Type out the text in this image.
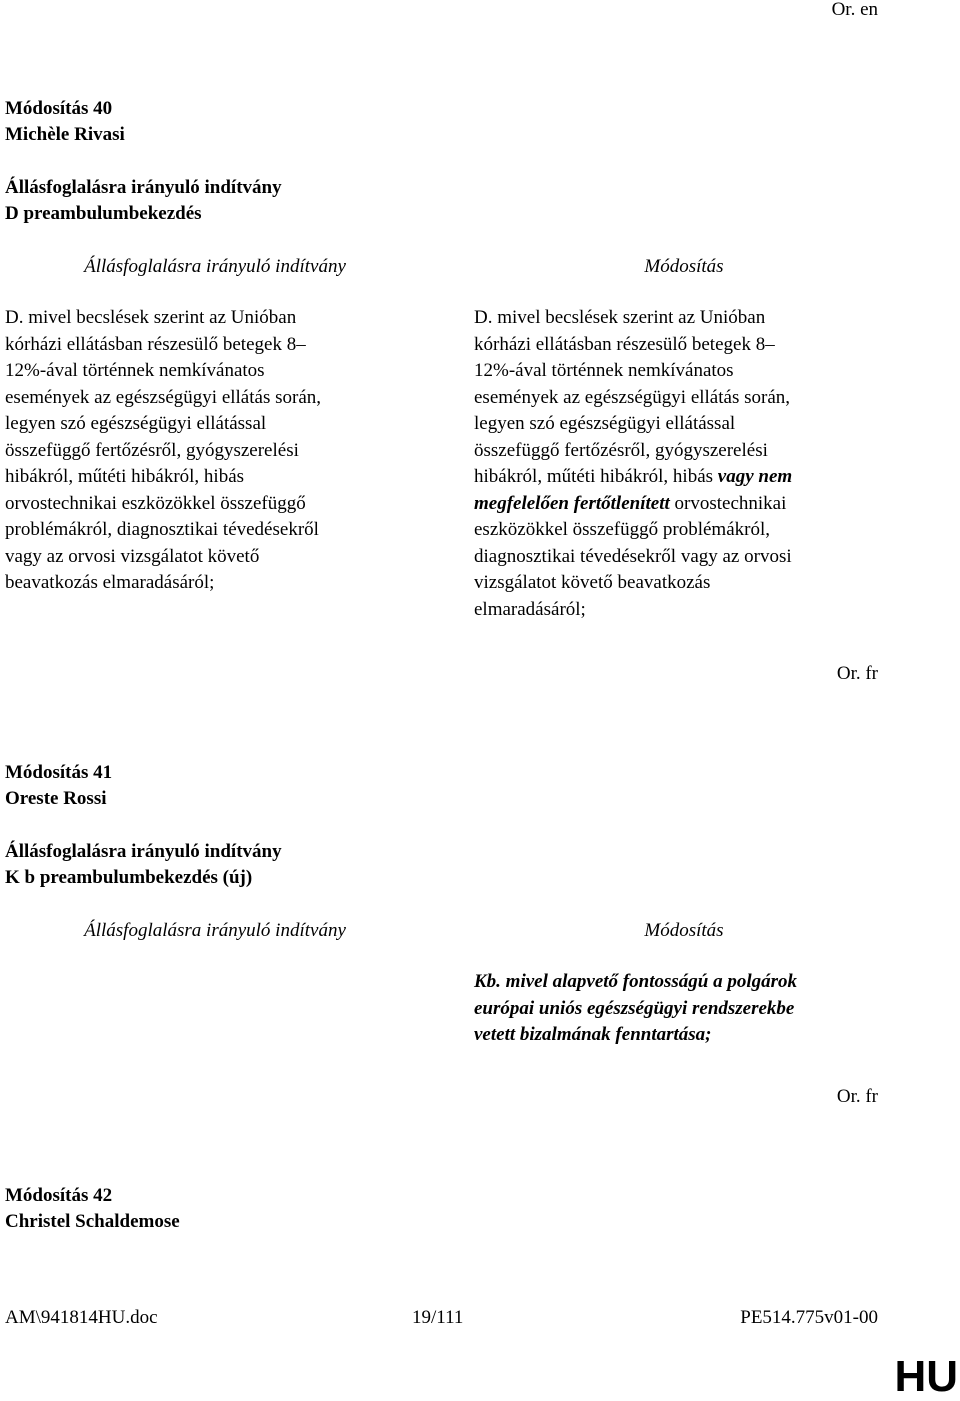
Or. en
Módosítás 40
Michèle Rivasi
Állásfoglalásra irányuló indítvány
D preambulumbekezdés
Állásfoglalásra irányuló indítvány	Módosítás
D. mivel becslések szerint az Unióban
kórházi ellátásban részesülő betegek 8–
12%-ával történnek nemkívánatos
események az egészségügyi ellátás során,
legyen szó egészségügyi ellátással
összefüggő fertőzésről, gyógyszerelési
hibákról, műtéti hibákról, hibás
orvostechnikai eszközökkel összefüggő
problémákról, diagnosztikai tévedésekről
vagy az orvosi vizsgálatot követő
beavatkozás elmaradásáról;
D. mivel becslések szerint az Unióban
kórházi ellátásban részesülő betegek 8–
12%-ával történnek nemkívánatos
események az egészségügyi ellátás során,
legyen szó egészségügyi ellátással
összefüggő fertőzésről, gyógyszerelési
hibákról, műtéti hibákról, hibás vagy nem
megfelelően fertőtlenített orvostechnikai
eszközökkel összefüggő problémákról,
diagnosztikai tévedésekről vagy az orvosi
vizsgálatot követő beavatkozás
elmaradásáról;
Or. fr
Módosítás 41
Oreste Rossi
Állásfoglalásra irányuló indítvány
K b preambulumbekezdés (új)
Állásfoglalásra irányuló indítvány	Módosítás
Kb. mivel alapvető fontosságú a polgárok
európai uniós egészségügyi rendszerekbe
vetett bizalmának fenntartása;
Or. fr
Módosítás 42
Christel Schaldemose
AM\941814HU.doc	19/111	PE514.775v01-00
HU
